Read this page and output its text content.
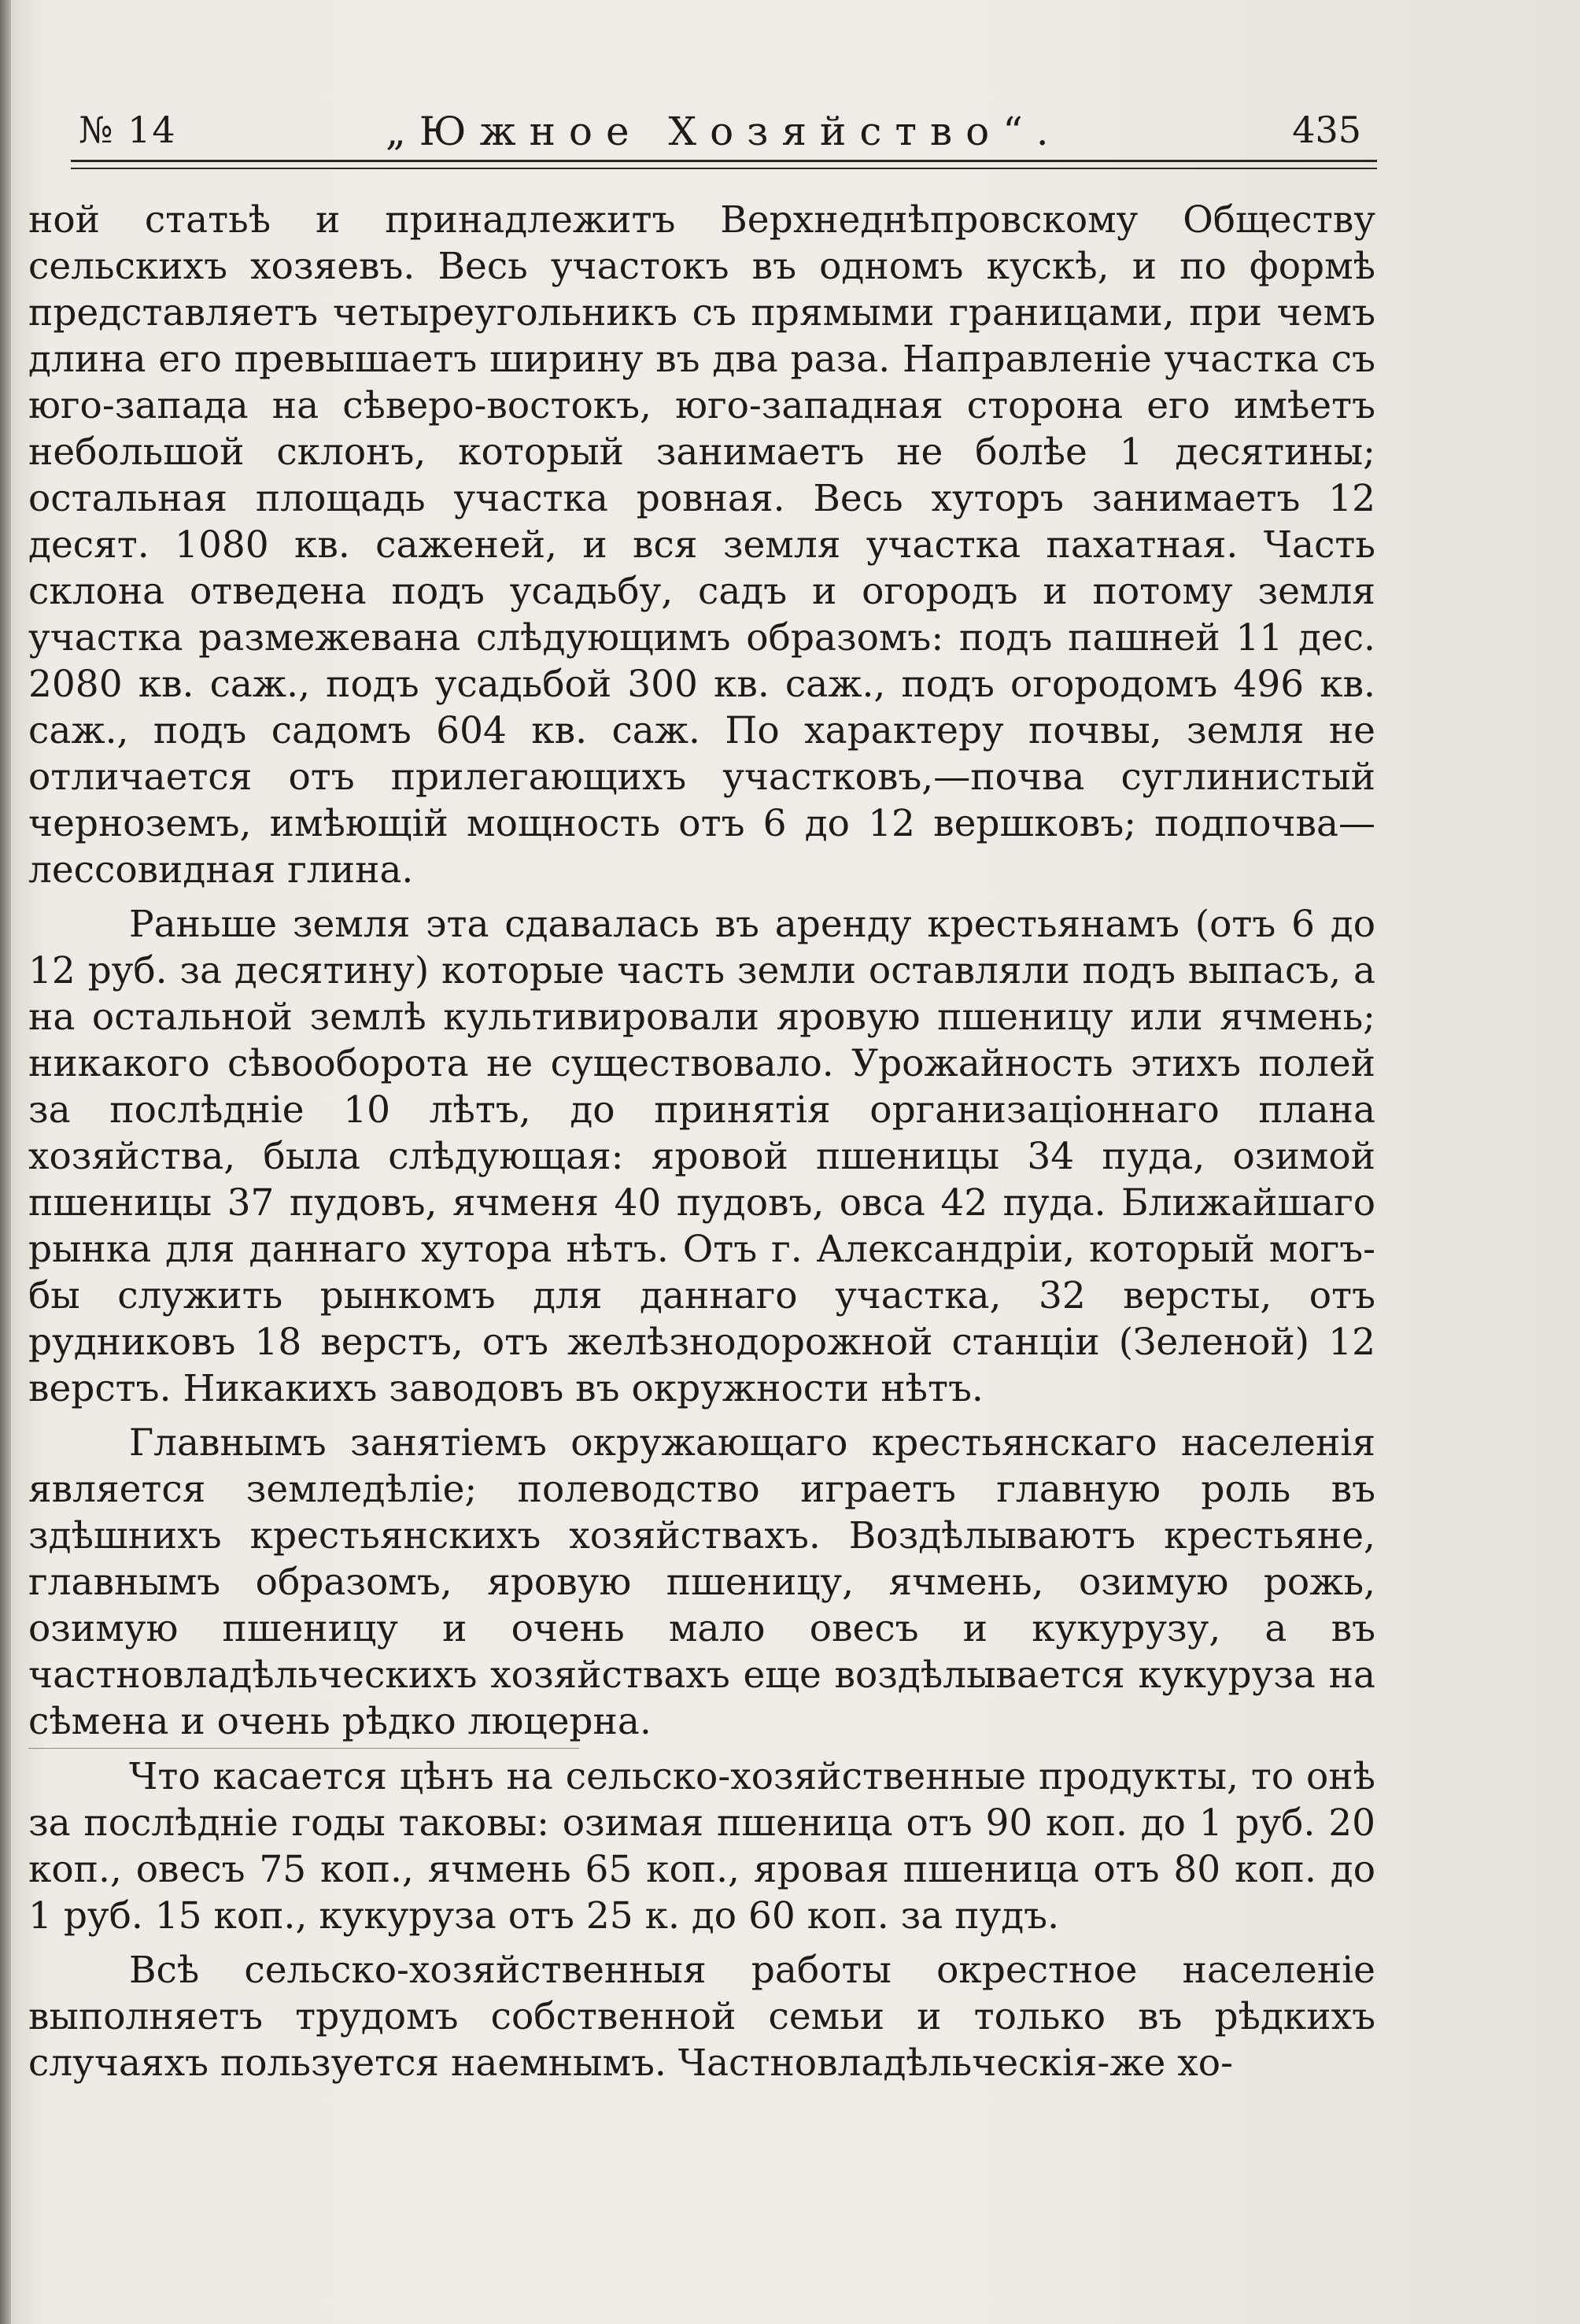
№ 14	„Южное Хозяйство“.	435

ной статьѣ и принадлежитъ Верхнеднѣпровскому Обществу сельскихъ хозяевъ. Весь участокъ въ одномъ кускѣ, и по формѣ представляетъ четыреугольникъ съ прямыми границами, при чемъ длина его превышаетъ ширину въ два раза. Направленіе участка съ юго-запада на сѣверо-востокъ, юго-западная сторона его имѣетъ небольшой склонъ, который занимаетъ не болѣе 1 десятины; остальная площадь участка ровная. Весь хуторъ занимаетъ 12 десят. 1080 кв. саженей, и вся земля участка пахатная. Часть склона отведена подъ усадьбу, садъ и огородъ и потому земля участка размежевана слѣдующимъ образомъ: подъ пашней 11 дес. 2080 кв. саж., подъ усадьбой 300 кв. саж., подъ огородомъ 496 кв. саж., подъ садомъ 604 кв. саж. По характеру почвы, земля не отличается отъ прилегающихъ участковъ,—почва суглинистый черноземъ, имѣющій мощность отъ 6 до 12 вершковъ; подпочва—лессовидная глина.

Раньше земля эта сдавалась въ аренду крестьянамъ (отъ 6 до 12 руб. за десятину) которые часть земли оставляли подъ выпасъ, а на остальной землѣ культивировали яровую пшеницу или ячмень; никакого сѣвооборота не существовало. Урожайность этихъ полей за послѣдніе 10 лѣтъ, до принятія организаціоннаго плана хозяйства, была слѣдующая: яровой пшеницы 34 пуда, озимой пшеницы 37 пудовъ, ячменя 40 пудовъ, овса 42 пуда. Ближайшаго рынка для даннаго хутора нѣтъ. Отъ г. Александріи, который могъ-бы служить рынкомъ для даннаго участка, 32 версты, отъ рудниковъ 18 верстъ, отъ желѣзнодорожной станціи (Зеленой) 12 верстъ. Никакихъ заводовъ въ окружности нѣтъ.

Главнымъ занятіемъ окружающаго крестьянскаго населенія является земледѣліе; полеводство играетъ главную роль въ здѣшнихъ крестьянскихъ хозяйствахъ. Воздѣлываютъ крестьяне, главнымъ образомъ, яровую пшеницу, ячмень, озимую рожь, озимую пшеницу и очень мало овесъ и кукурузу, а въ частновладѣльческихъ хозяйствахъ еще воздѣлывается кукуруза на сѣмена и очень рѣдко люцерна.

Что касается цѣнъ на сельско-хозяйственные продукты, то онѣ за послѣдніе годы таковы: озимая пшеница отъ 90 коп. до 1 руб. 20 коп., овесъ 75 коп., ячмень 65 коп., яровая пшеница отъ 80 коп. до 1 руб. 15 коп., кукуруза отъ 25 к. до 60 коп. за пудъ.

Всѣ сельско-хозяйственныя работы окрестное населеніе выполняетъ трудомъ собственной семьи и только въ рѣдкихъ случаяхъ пользуется наемнымъ. Частновладѣльческія-же хо-
